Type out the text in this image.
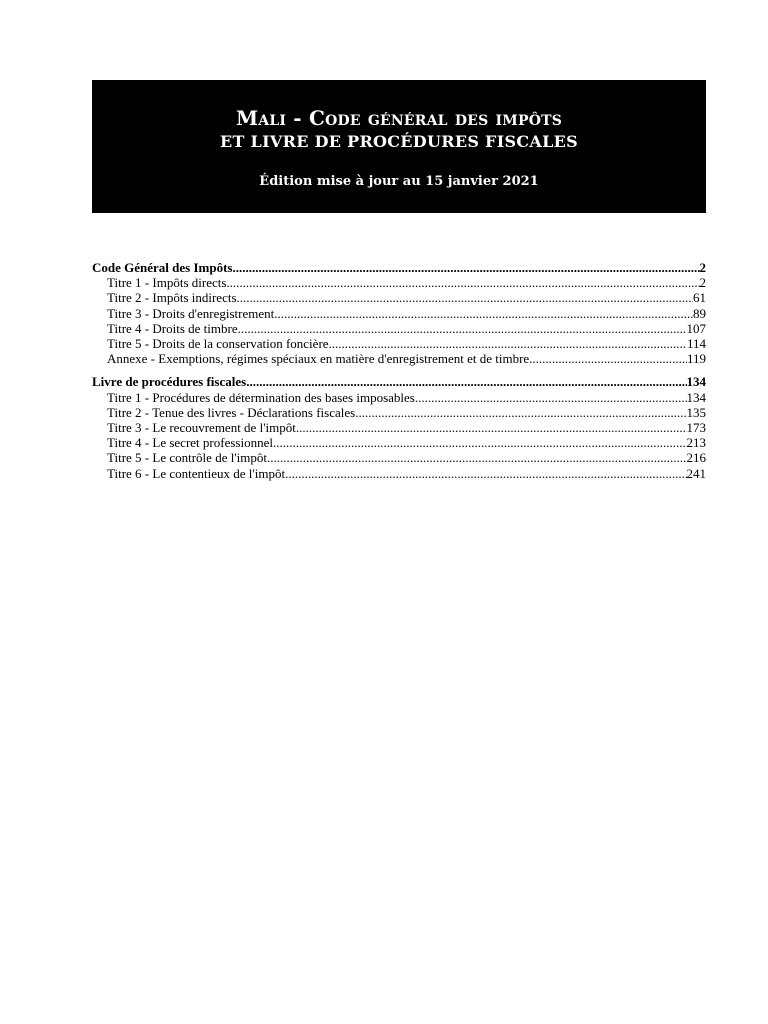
Mali - Code général des impôts
ET LIVRE DE PROCÉDURES FISCALES
Édition mise à jour au 15 janvier 2021
Code Général des Impôts .....	2
Titre 1 - Impôts directs .....	2
Titre 2 - Impôts indirects .....	61
Titre 3 - Droits d'enregistrement .....	89
Titre 4 - Droits de timbre .....	107
Titre 5 - Droits de la conservation foncière .....	114
Annexe - Exemptions, régimes spéciaux en matière d'enregistrement et de timbre .....	119
Livre de procédures fiscales .....	134
Titre 1 - Procédures de détermination des bases imposables .....	134
Titre 2 - Tenue des livres - Déclarations fiscales .....	135
Titre 3 - Le recouvrement de l'impôt .....	173
Titre 4 - Le secret professionnel .....	213
Titre 5 - Le contrôle de l'impôt .....	216
Titre 6 - Le contentieux de l'impôt .....	241
